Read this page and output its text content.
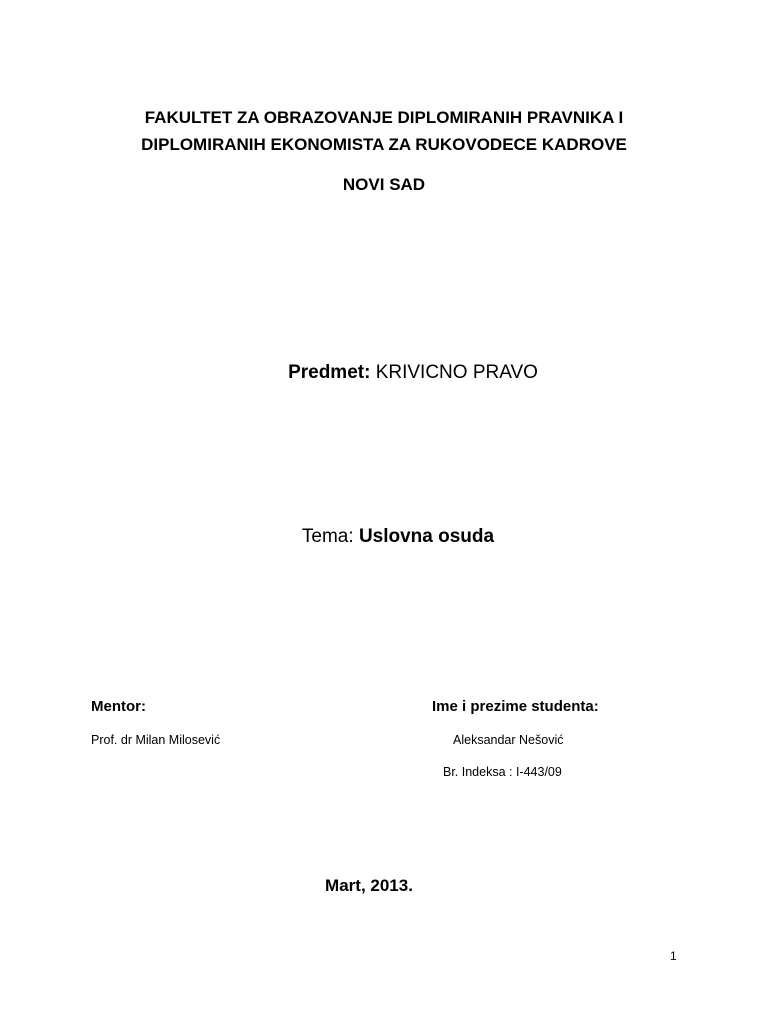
FAKULTET ZA OBRAZOVANJE DIPLOMIRANIH PRAVNIKA I
DIPLOMIRANIH EKONOMISTA ZA RUKOVODECE KADROVE
NOVI SAD
Predmet: KRIVICNO PRAVO
Tema: Uslovna osuda
Mentor:	Ime i prezime studenta:
Prof. dr Milan Milosević	Aleksandar Nešović
Br. Indeksa : I-443/09
Mart, 2013.
1
